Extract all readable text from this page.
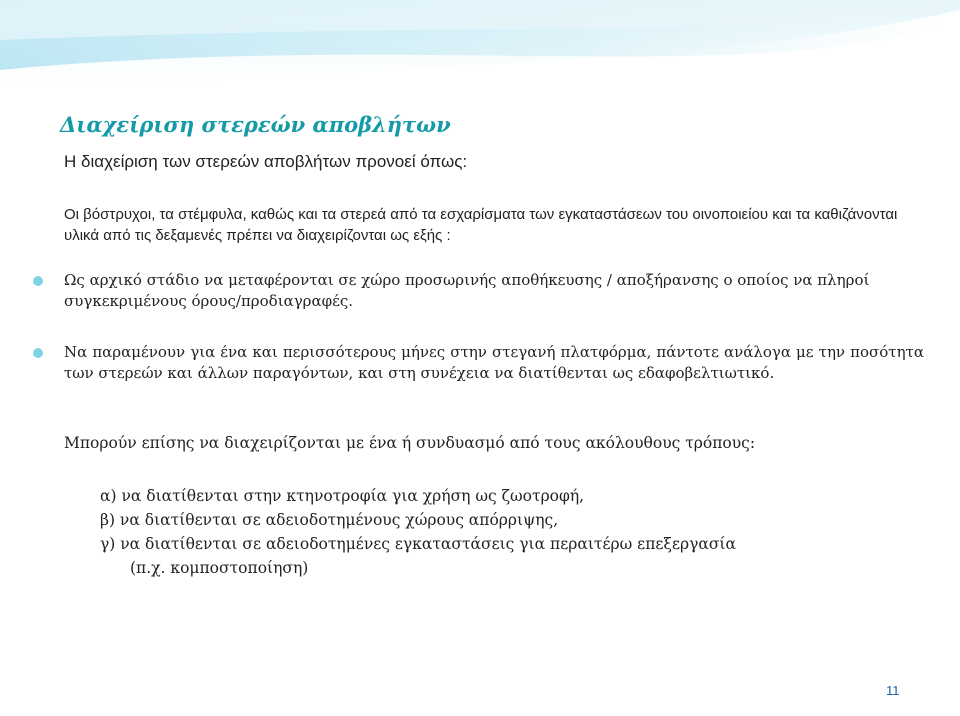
Διαχείριση στερεών αποβλήτων
Η διαχείριση των στερεών αποβλήτων προνοεί όπως:
Οι βόστρυχοι, τα στέμφυλα, καθώς και τα στερεά από τα εσχαρίσματα των εγκαταστάσεων του οινοποιείου και τα καθιζάνονται υλικά από τις δεξαμενές πρέπει να διαχειρίζονται ως εξής :
Ως αρχικό στάδιο να μεταφέρονται σε χώρο προσωρινής αποθήκευσης / αποξήρανσης ο οποίος να πληροί συγκεκριμένους όρους/προδιαγραφές.
Να παραμένουν για ένα και περισσότερους μήνες στην στεγανή πλατφόρμα, πάντοτε ανάλογα με την ποσότητα των στερεών και άλλων παραγόντων, και στη συνέχεια να διατίθενται ως εδαφοβελτιωτικό.
Μπορούν επίσης να διαχειρίζονται με ένα ή συνδυασμό από τους ακόλουθους τρόπους:
α) να διατίθενται στην κτηνοτροφία για χρήση ως ζωοτροφή,
β) να διατίθενται σε αδειοδοτημένους χώρους απόρριψης,
γ) να διατίθενται σε αδειοδοτημένες εγκαταστάσεις για περαιτέρω επεξεργασία
(π.χ. κομποστοποίηση)
11
